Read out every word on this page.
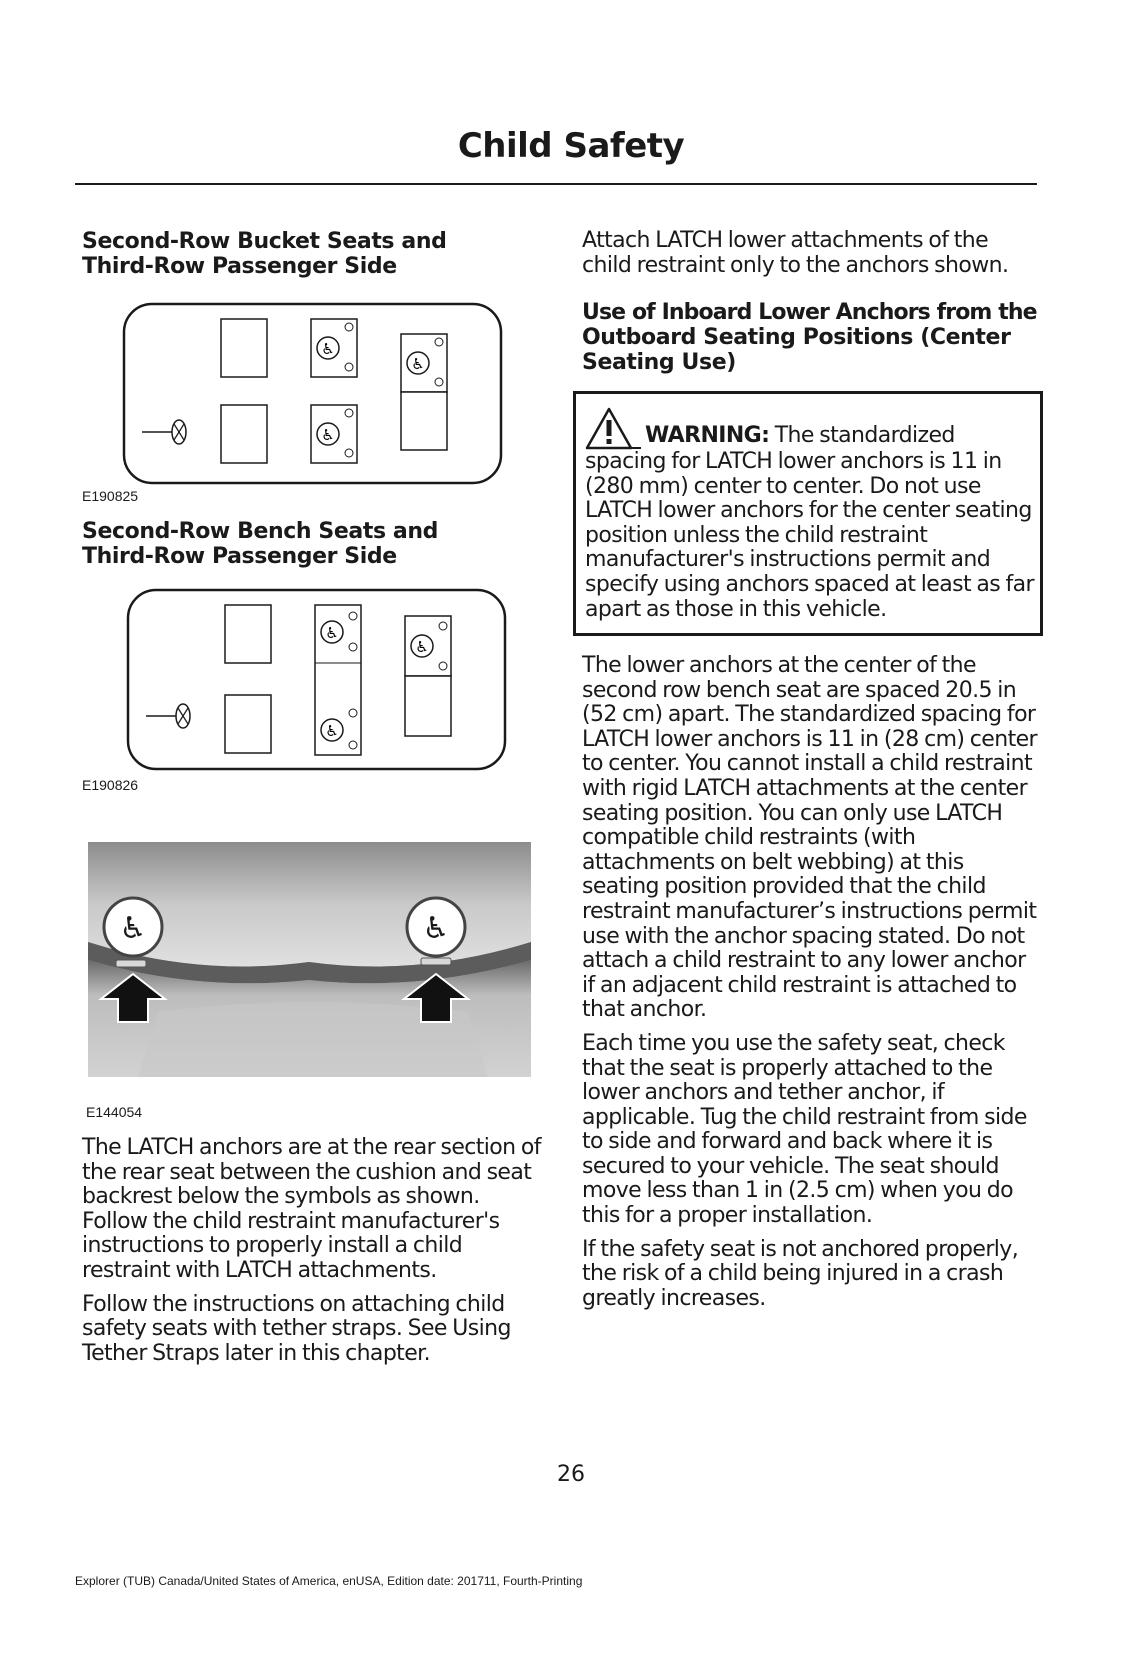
Child Safety

Second-Row Bucket Seats and

Third-Row Passenger Side

♿
♿
♿
E190825

Second-Row Bench Seats and

Third-Row Passenger Side

♿
♿
♿
E190826
♿	♿
E144054

The LATCH anchors are at the rear section of the rear seat between the cushion and seat backrest below the symbols as shown. Follow the child restraint manufacturer's instructions to properly install a child restraint with LATCH attachments.

Follow the instructions on attaching child safety seats with tether straps. See Using Tether Straps later in this chapter.

Attach LATCH lower attachments of the child restraint only to the anchors shown.

Use of Inboard Lower Anchors from the

Outboard Seating Positions (Center

Seating Use)

WARNING: The standardized spacing for LATCH lower anchors is 11 in (280 mm) center to center. Do not use LATCH lower anchors for the center seating position unless the child restraint manufacturer's instructions permit and specify using anchors spaced at least as far apart as those in this vehicle.

The lower anchors at the center of the second row bench seat are spaced 20.5 in (52 cm) apart. The standardized spacing for LATCH lower anchors is 11 in (28 cm) center to center. You cannot install a child restraint with rigid LATCH attachments at the center seating position. You can only use LATCH compatible child restraints (with attachments on belt webbing) at this seating position provided that the child restraint manufacturer’s instructions permit use with the anchor spacing stated. Do not attach a child restraint to any lower anchor if an adjacent child restraint is attached to that anchor.

Each time you use the safety seat, check that the seat is properly attached to the lower anchors and tether anchor, if applicable. Tug the child restraint from side to side and forward and back where it is secured to your vehicle. The seat should move less than 1 in (2.5 cm) when you do this for a proper installation.

If the safety seat is not anchored properly, the risk of a child being injured in a crash greatly increases.

26
Explorer (TUB) Canada/United States of America, enUSA, Edition date: 201711, Fourth-Printing
